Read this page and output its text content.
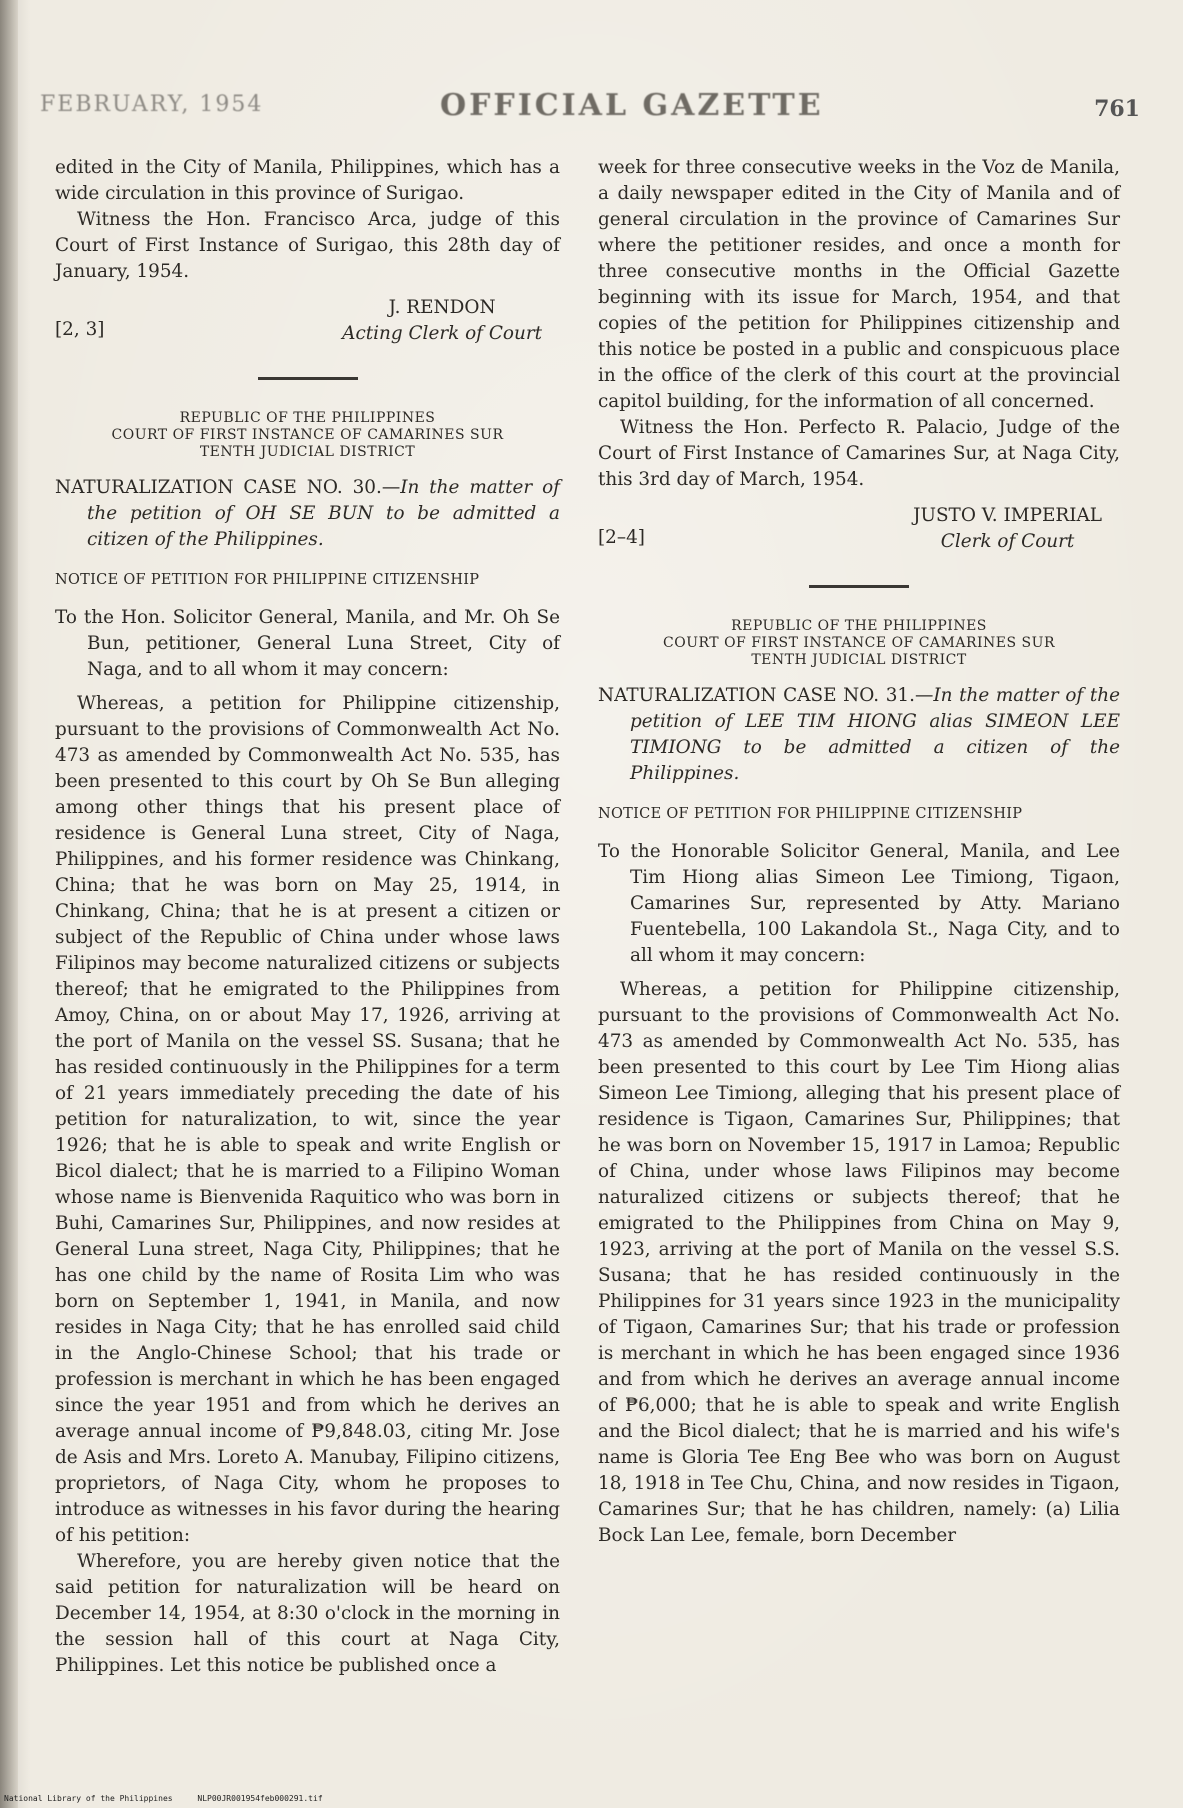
FEBRUARY, 1954	OFFICIAL GAZETTE	761

edited in the City of Manila, Philippines, which has a wide circulation in this province of Surigao.

Witness the Hon. Francisco Arca, judge of this Court of First Instance of Surigao, this 28th day of January, 1954.

[2, 3]
J. RENDON
Acting Clerk of Court
REPUBLIC OF THE PHILIPPINES
COURT OF FIRST INSTANCE OF CAMARINES SUR
TENTH JUDICIAL DISTRICT

NATURALIZATION CASE NO. 30.—In the matter of the petition of OH SE BUN to be admitted a citizen of the Philippines.

NOTICE OF PETITION FOR PHILIPPINE CITIZENSHIP

To the Hon. Solicitor General, Manila, and Mr. Oh Se Bun, petitioner, General Luna Street, City of Naga, and to all whom it may concern:

Whereas, a petition for Philippine citizenship, pursuant to the provisions of Commonwealth Act No. 473 as amended by Commonwealth Act No. 535, has been presented to this court by Oh Se Bun alleging among other things that his present place of residence is General Luna street, City of Naga, Philippines, and his former residence was Chinkang, China; that he was born on May 25, 1914, in Chinkang, China; that he is at present a citizen or subject of the Republic of China under whose laws Filipinos may become naturalized citizens or subjects thereof; that he emigrated to the Philippines from Amoy, China, on or about May 17, 1926, arriving at the port of Manila on the vessel SS. Susana; that he has resided continuously in the Philippines for a term of 21 years immediately preceding the date of his petition for naturalization, to wit, since the year 1926; that he is able to speak and write English or Bicol dialect; that he is married to a Filipino Woman whose name is Bienvenida Raquitico who was born in Buhi, Camarines Sur, Philippines, and now resides at General Luna street, Naga City, Philippines; that he has one child by the name of Rosita Lim who was born on September 1, 1941, in Manila, and now resides in Naga City; that he has enrolled said child in the Anglo-Chinese School; that his trade or profession is merchant in which he has been engaged since the year 1951 and from which he derives an average annual income of ₱9,848.03, citing Mr. Jose de Asis and Mrs. Loreto A. Manubay, Filipino citizens, proprietors, of Naga City, whom he proposes to introduce as witnesses in his favor during the hearing of his petition:

Wherefore, you are hereby given notice that the said petition for naturalization will be heard on December 14, 1954, at 8:30 o'clock in the morning in the session hall of this court at Naga City, Philippines. Let this notice be published once a

week for three consecutive weeks in the Voz de Manila, a daily newspaper edited in the City of Manila and of general circulation in the province of Camarines Sur where the petitioner resides, and once a month for three consecutive months in the Official Gazette beginning with its issue for March, 1954, and that copies of the petition for Philippines citizenship and this notice be posted in a public and conspicuous place in the office of the clerk of this court at the provincial capitol building, for the information of all concerned.

Witness the Hon. Perfecto R. Palacio, Judge of the Court of First Instance of Camarines Sur, at Naga City, this 3rd day of March, 1954.

[2–4]
JUSTO V. IMPERIAL
Clerk of Court
REPUBLIC OF THE PHILIPPINES
COURT OF FIRST INSTANCE OF CAMARINES SUR
TENTH JUDICIAL DISTRICT

NATURALIZATION CASE NO. 31.—In the matter of the petition of LEE TIM HIONG alias SIMEON LEE TIMIONG to be admitted a citizen of the Philippines.

NOTICE OF PETITION FOR PHILIPPINE CITIZENSHIP

To the Honorable Solicitor General, Manila, and Lee Tim Hiong alias Simeon Lee Timiong, Tigaon, Camarines Sur, represented by Atty. Mariano Fuentebella, 100 Lakandola St., Naga City, and to all whom it may concern:

Whereas, a petition for Philippine citizenship, pursuant to the provisions of Commonwealth Act No. 473 as amended by Commonwealth Act No. 535, has been presented to this court by Lee Tim Hiong alias Simeon Lee Timiong, alleging that his present place of residence is Tigaon, Camarines Sur, Philippines; that he was born on November 15, 1917 in Lamoa; Republic of China, under whose laws Filipinos may become naturalized citizens or subjects thereof; that he emigrated to the Philippines from China on May 9, 1923, arriving at the port of Manila on the vessel S.S. Susana; that he has resided continuously in the Philippines for 31 years since 1923 in the municipality of Tigaon, Camarines Sur; that his trade or profession is merchant in which he has been engaged since 1936 and from which he derives an average annual income of ₱6,000; that he is able to speak and write English and the Bicol dialect; that he is married and his wife's name is Gloria Tee Eng Bee who was born on August 18, 1918 in Tee Chu, China, and now resides in Tigaon, Camarines Sur; that he has children, namely: (a) Lilia Bock Lan Lee, female, born December

National Library of the Philippines	NLP00JR001954feb000291.tif
